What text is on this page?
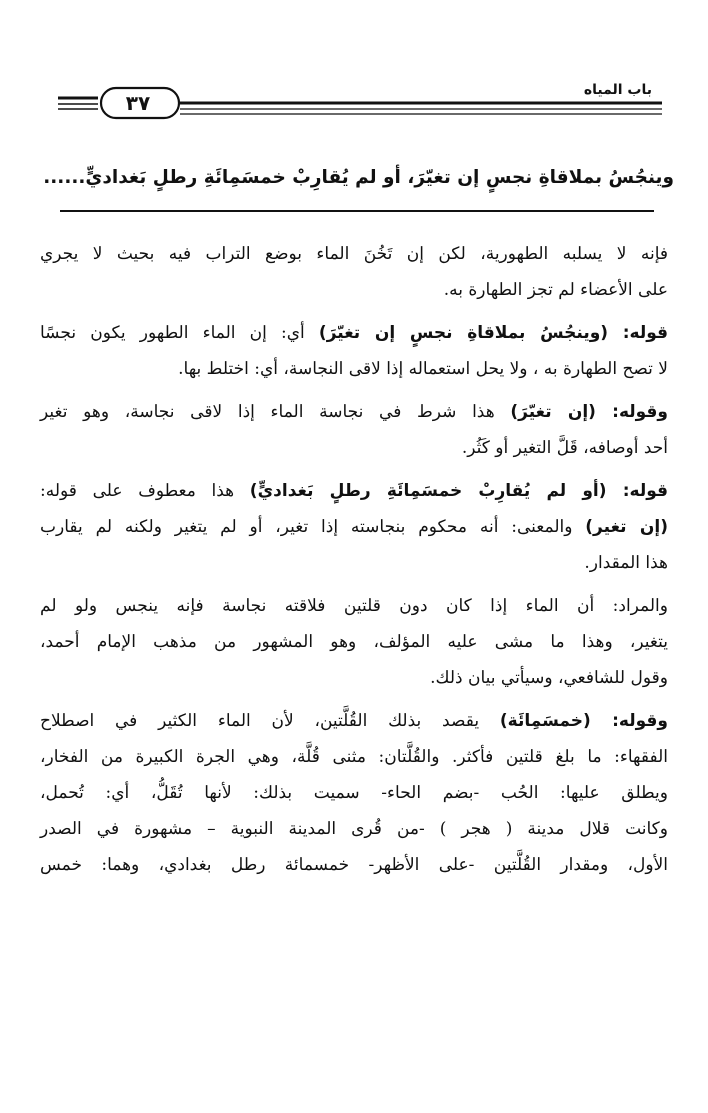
باب المياه
٣٧
وينجُسُ بملاقاةِ نجسٍ إن تغيّرَ، أو لم يُقارِبْ خمسَمِائَةِ رطلٍ بَغداديٍّ......
فإنه لا يسلبه الطهورية، لكن إن تَخُنَ الماء بوضع التراب فيه بحيث لا يجري
على الأعضاء لم تجز الطهارة به.
قوله: (وينجُسُ بملاقاةِ نجسٍ إن تغيّرَ) أي: إن الماء الطهور يكون نجسًا
لا تصح الطهارة به ، ولا يحل استعماله إذا لاقى النجاسة، أي: اختلط بها.
وقوله: (إن تغيّرَ) هذا شرط في نجاسة الماء إذا لاقى نجاسة، وهو تغير
أحد أوصافه، قَلَّ التغير أو كَثُر.
قوله: (أو لم يُقارِبْ خمسَمِائَةِ رطلٍ بَغداديٍّ) هذا معطوف على قوله:
(إن تغير) والمعنى: أنه محكوم بنجاسته إذا تغير، أو لم يتغير ولكنه لم يقارب
هذا المقدار.
والمراد: أن الماء إذا كان دون قلتين فلاقته نجاسة فإنه ينجس ولو لم
يتغير، وهذا ما مشى عليه المؤلف، وهو المشهور من مذهب الإمام أحمد،
وقول للشافعي، وسيأتي بيان ذلك.
وقوله: (خمسَمِائَة) يقصد بذلك القُلَّتين، لأن الماء الكثير في اصطلاح
الفقهاء: ما بلغ قلتين فأكثر. والقُلَّتان: مثنى قُلَّة، وهي الجرة الكبيرة من الفخار،
ويطلق عليها: الحُب -بضم الحاء- سميت بذلك: لأنها تُقَلُّ، أي: تُحمل،
وكانت قلال مدينة ( هجر ) -من قُرى المدينة النبوية – مشهورة في الصدر
الأول، ومقدار القُلَّتين -على الأظهر- خمسمائة رطل بغدادي، وهما: خمس
